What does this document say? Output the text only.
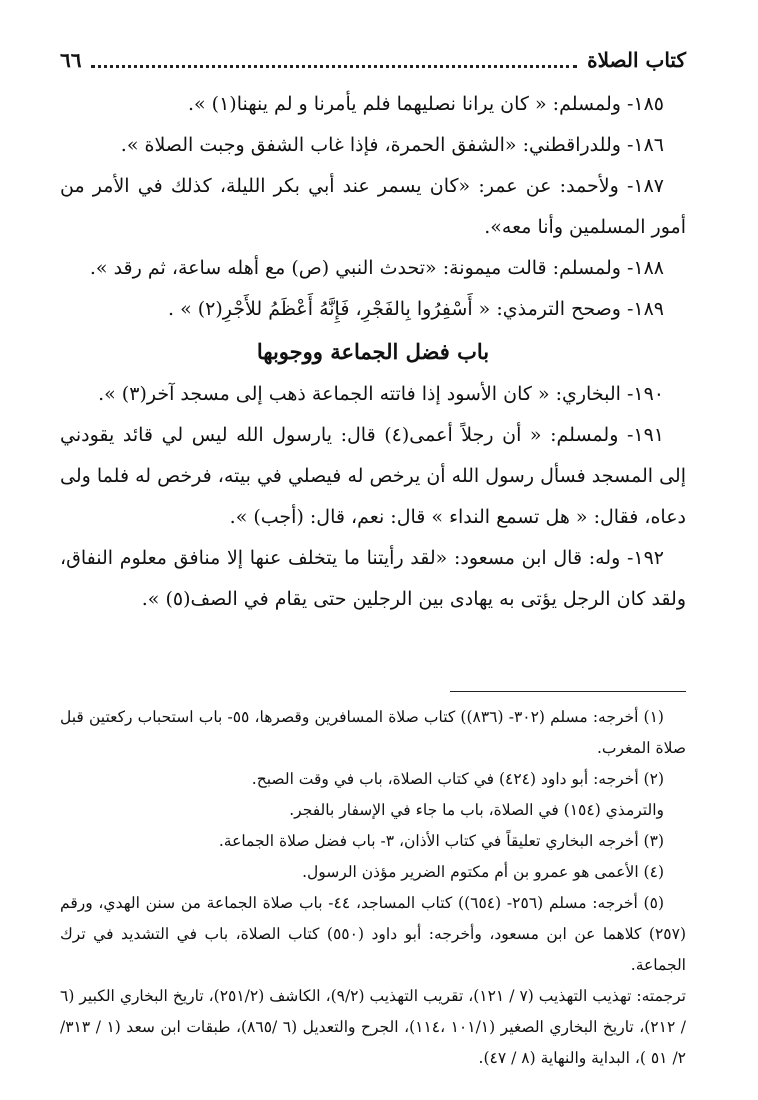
كتاب الصلاة
٦٦

١٨٥- ولمسلم: « كان يرانا نصليهما فلم يأمرنا و لم ينهنا(١) ».

١٨٦- وللدراقطني: «الشفق الحمرة، فإذا غاب الشفق وجبت الصلاة ».

١٨٧- ولأحمد: عن عمر: «كان يسمر عند أبي بكر الليلة، كذلك في الأمر من أمور المسلمين وأنا معه».

١٨٨- ولمسلم: قالت ميمونة: «تحدث النبي (ص) مع أهله ساعة، ثم رقد ».

١٨٩- وصحح الترمذي: « أَسْفِرُوا بِالفَجْرِ، فَإِنَّهُ أَعْظَمُ للأَجْرِ(٢) » .

باب فضل الجماعة ووجوبها

١٩٠- البخاري: « كان الأسود إذا فاتته الجماعة ذهب إلى مسجد آخر(٣) ».

١٩١- ولمسلم: « أن رجلاً أعمى(٤) قال: يارسول الله ليس لي قائد يقودني إلى المسجد فسأل رسول الله أن يرخص له فيصلي في بيته، فرخص له فلما ولى دعاه، فقال: « هل تسمع النداء » قال: نعم، قال: (أجب) ».

١٩٢- وله: قال ابن مسعود: «لقد رأيتنا ما يتخلف عنها إلا منافق معلوم النفاق، ولقد كان الرجل يؤتى به يهادى بين الرجلين حتى يقام في الصف(٥) ».

(١) أخرجه: مسلم (٣٠٢- (٨٣٦)) كتاب صلاة المسافرين وقصرها، ٥٥- باب استحباب ركعتين قبل صلاة المغرب.

(٢) أخرجه: أبو داود (٤٢٤) في كتاب الصلاة، باب في وقت الصبح.

والترمذي (١٥٤) في الصلاة، باب ما جاء في الإسفار بالفجر.

(٣) أخرجه البخاري تعليقاً في كتاب الأذان، ٣- باب فضل صلاة الجماعة.

(٤) الأعمى هو عمرو بن أم مكتوم الضرير مؤذن الرسول.

(٥) أخرجه: مسلم (٢٥٦- (٦٥٤)) كتاب المساجد، ٤٤- باب صلاة الجماعة من سنن الهدي، ورقم (٢٥٧) كلاهما عن ابن مسعود، وأخرجه: أبو داود (٥٥٠) كتاب الصلاة، باب في التشديد في ترك الجماعة.

ترجمته: تهذيب التهذيب (٧ / ١٢١)، تقريب التهذيب (٩/٢)، الكاشف (٢٥١/٢)، تاريخ البخاري الكبير (٦ / ٢١٢)، تاريخ البخاري الصغير (١٠١/١ ،١١٤)، الجرح والتعديل (٦ /٨٦٥)، طبقات ابن سعد (١ / ٣١٣/ ٢/ ٥١ )، البداية والنهاية (٨ / ٤٧).
